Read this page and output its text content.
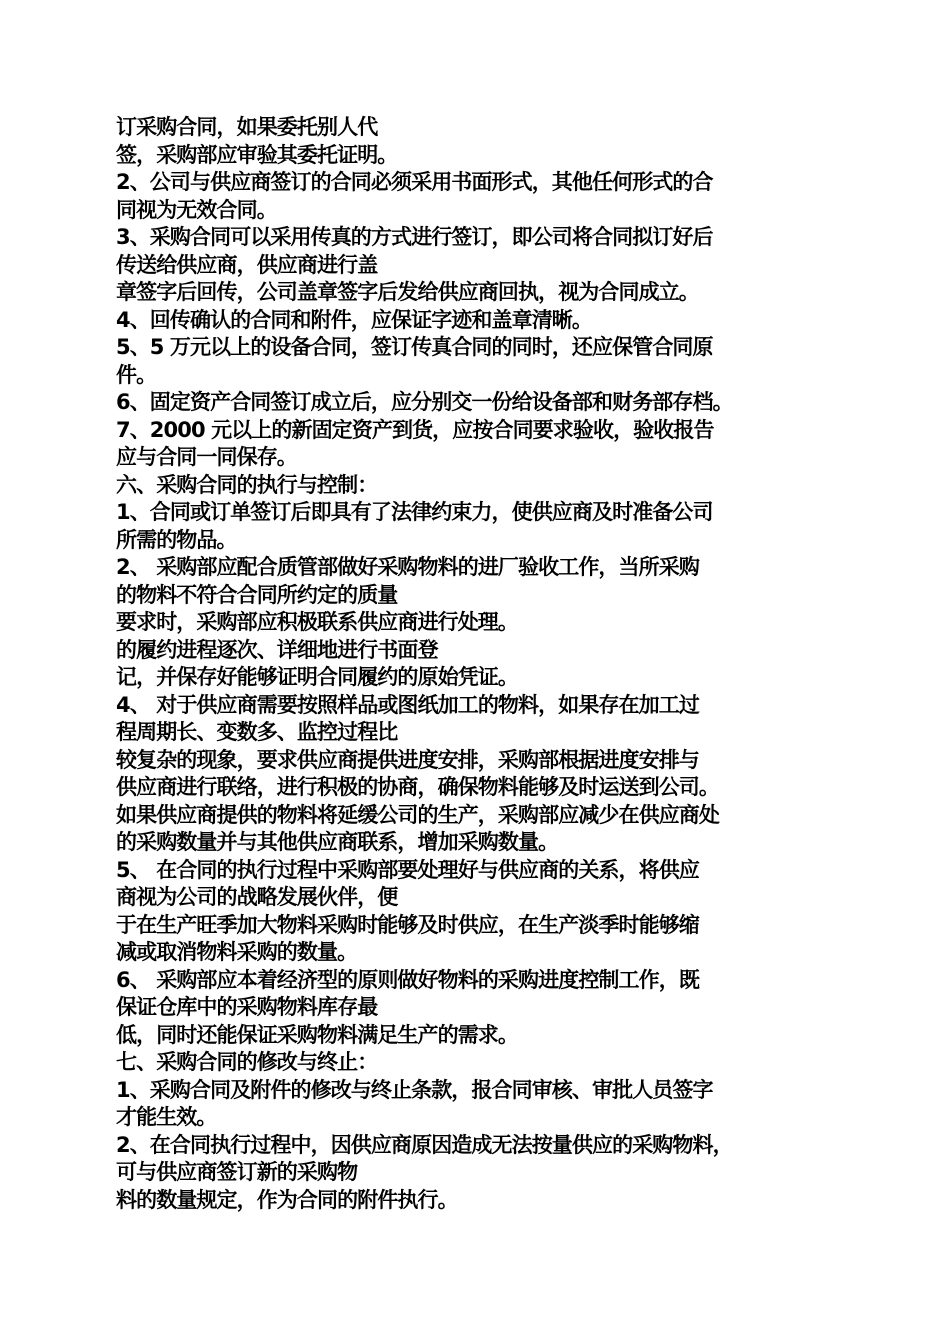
订采购合同，如果委托别人代
签，采购部应审验其委托证明。
2、公司与供应商签订的合同必须采用书面形式，其他任何形式的合
同视为无效合同。
3、采购合同可以采用传真的方式进行签订，即公司将合同拟订好后
传送给供应商，供应商进行盖
章签字后回传，公司盖章签字后发给供应商回执，视为合同成立。
4、回传确认的合同和附件，应保证字迹和盖章清晰。
5、5 万元以上的设备合同，签订传真合同的同时，还应保管合同原
件。
6、固定资产合同签订成立后，应分别交一份给设备部和财务部存档。
7、2000 元以上的新固定资产到货，应按合同要求验收，验收报告
应与合同一同保存。
六、采购合同的执行与控制：
1、合同或订单签订后即具有了法律约束力，使供应商及时准备公司
所需的物品。
2、 采购部应配合质管部做好采购物料的进厂验收工作，当所采购
的物料不符合合同所约定的质量
要求时，采购部应积极联系供应商进行处理。
的履约进程逐次、详细地进行书面登
记，并保存好能够证明合同履约的原始凭证。
4、 对于供应商需要按照样品或图纸加工的物料，如果存在加工过
程周期长、变数多、监控过程比
较复杂的现象，要求供应商提供进度安排，采购部根据进度安排与
供应商进行联络，进行积极的协商，确保物料能够及时运送到公司。
如果供应商提供的物料将延缓公司的生产，采购部应减少在供应商处
的采购数量并与其他供应商联系，增加采购数量。
5、 在合同的执行过程中采购部要处理好与供应商的关系，将供应
商视为公司的战略发展伙伴，便
于在生产旺季加大物料采购时能够及时供应，在生产淡季时能够缩
减或取消物料采购的数量。
6、 采购部应本着经济型的原则做好物料的采购进度控制工作，既
保证仓库中的采购物料库存最
低，同时还能保证采购物料满足生产的需求。
七、采购合同的修改与终止：
1、采购合同及附件的修改与终止条款，报合同审核、审批人员签字
才能生效。
2、在合同执行过程中，因供应商原因造成无法按量供应的采购物料，
可与供应商签订新的采购物
料的数量规定，作为合同的附件执行。
